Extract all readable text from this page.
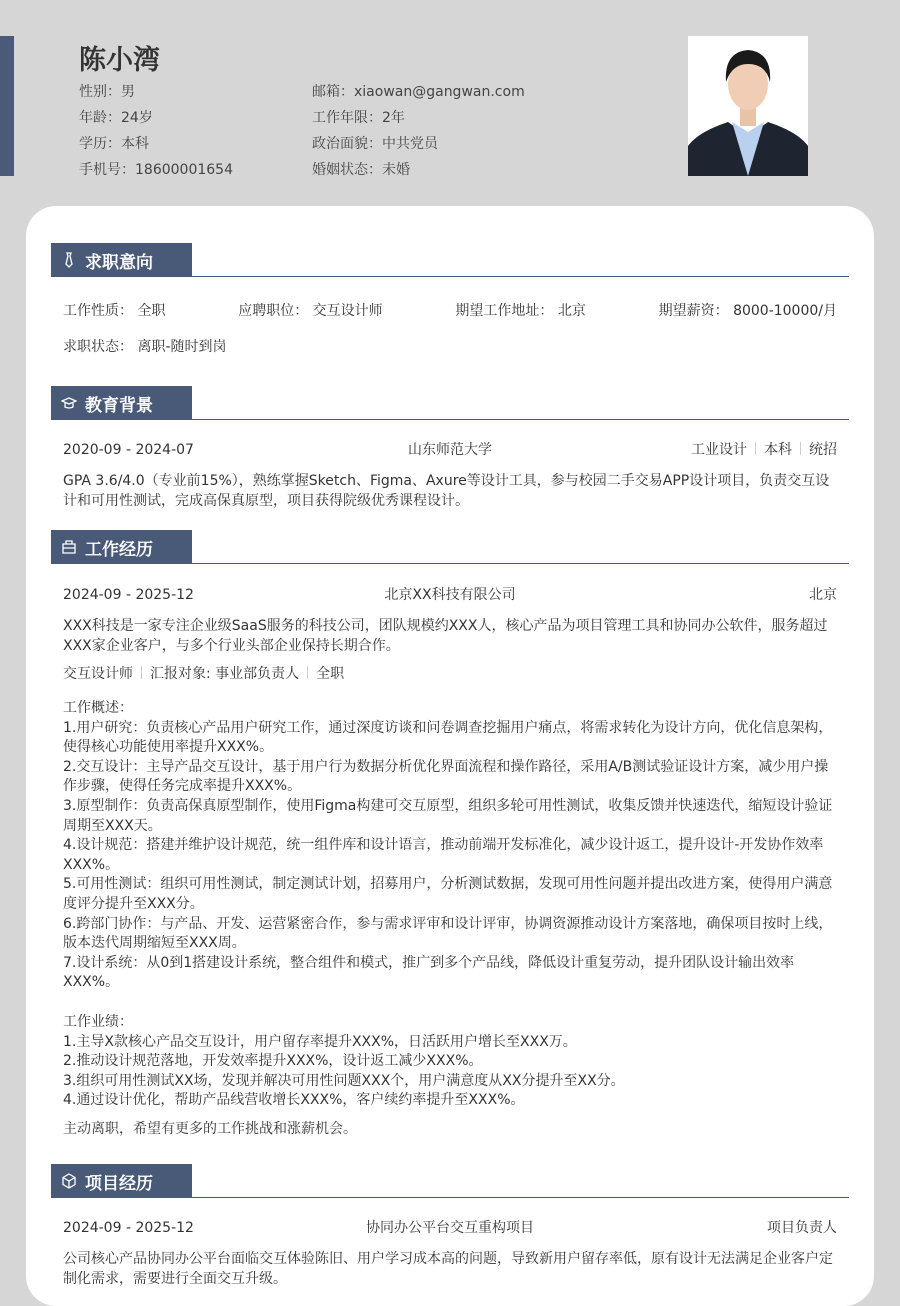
陈小湾
性别：男
年龄：24岁
学历：本科
手机号：18600001654
邮箱：xiaowan@gangwan.com
工作年限：2年
政治面貌：中共党员
婚姻状态：未婚
求职意向
工作性质： 全职	应聘职位： 交互设计师	期望工作地址： 北京	期望薪资： 8000-10000/月
求职状态： 离职-随时到岗
教育背景
2020-09 - 2024-07	山东师范大学	工业设计 本科 统招

GPA 3.6/4.0（专业前15%），熟练掌握Sketch、Figma、Axure等设计工具，参与校园二手交易APP设计项目，负责交互设计和可用性测试，完成高保真原型，项目获得院级优秀课程设计。

工作经历
2024-09 - 2025-12	北京XX科技有限公司	北京

XXX科技是一家专注企业级SaaS服务的科技公司，团队规模约XXX人，核心产品为项目管理工具和协同办公软件，服务超过XXX家企业客户，与多个行业头部企业保持长期合作。

交互设计师 汇报对象: 事业部负责人 全职

工作概述：

1.用户研究：负责核心产品用户研究工作，通过深度访谈和问卷调查挖掘用户痛点，将需求转化为设计方向，优化信息架构，使得核心功能使用率提升XXX%。

2.交互设计：主导产品交互设计，基于用户行为数据分析优化界面流程和操作路径，采用A/B测试验证设计方案，减少用户操作步骤，使得任务完成率提升XXX%。

3.原型制作：负责高保真原型制作，使用Figma构建可交互原型，组织多轮可用性测试，收集反馈并快速迭代，缩短设计验证周期至XXX天。

4.设计规范：搭建并维护设计规范，统一组件库和设计语言，推动前端开发标准化，减少设计返工，提升设计-开发协作效率XXX%。

5.可用性测试：组织可用性测试，制定测试计划，招募用户，分析测试数据，发现可用性问题并提出改进方案，使得用户满意度评分提升至XXX分。

6.跨部门协作：与产品、开发、运营紧密合作，参与需求评审和设计评审，协调资源推动设计方案落地，确保项目按时上线，版本迭代周期缩短至XXX周。

7.设计系统：从0到1搭建设计系统，整合组件和模式，推广到多个产品线，降低设计重复劳动，提升团队设计输出效率XXX%。

工作业绩：

1.主导X款核心产品交互设计，用户留存率提升XXX%，日活跃用户增长至XXX万。

2.推动设计规范落地，开发效率提升XXX%，设计返工减少XXX%。

3.组织可用性测试XX场，发现并解决可用性问题XXX个，用户满意度从XX分提升至XX分。

4.通过设计优化，帮助产品线营收增长XXX%，客户续约率提升至XXX%。

主动离职，希望有更多的工作挑战和涨薪机会。

项目经历
2024-09 - 2025-12	协同办公平台交互重构项目	项目负责人

公司核心产品协同办公平台面临交互体验陈旧、用户学习成本高的问题，导致新用户留存率低，原有设计无法满足企业客户定制化需求，需要进行全面交互升级。
